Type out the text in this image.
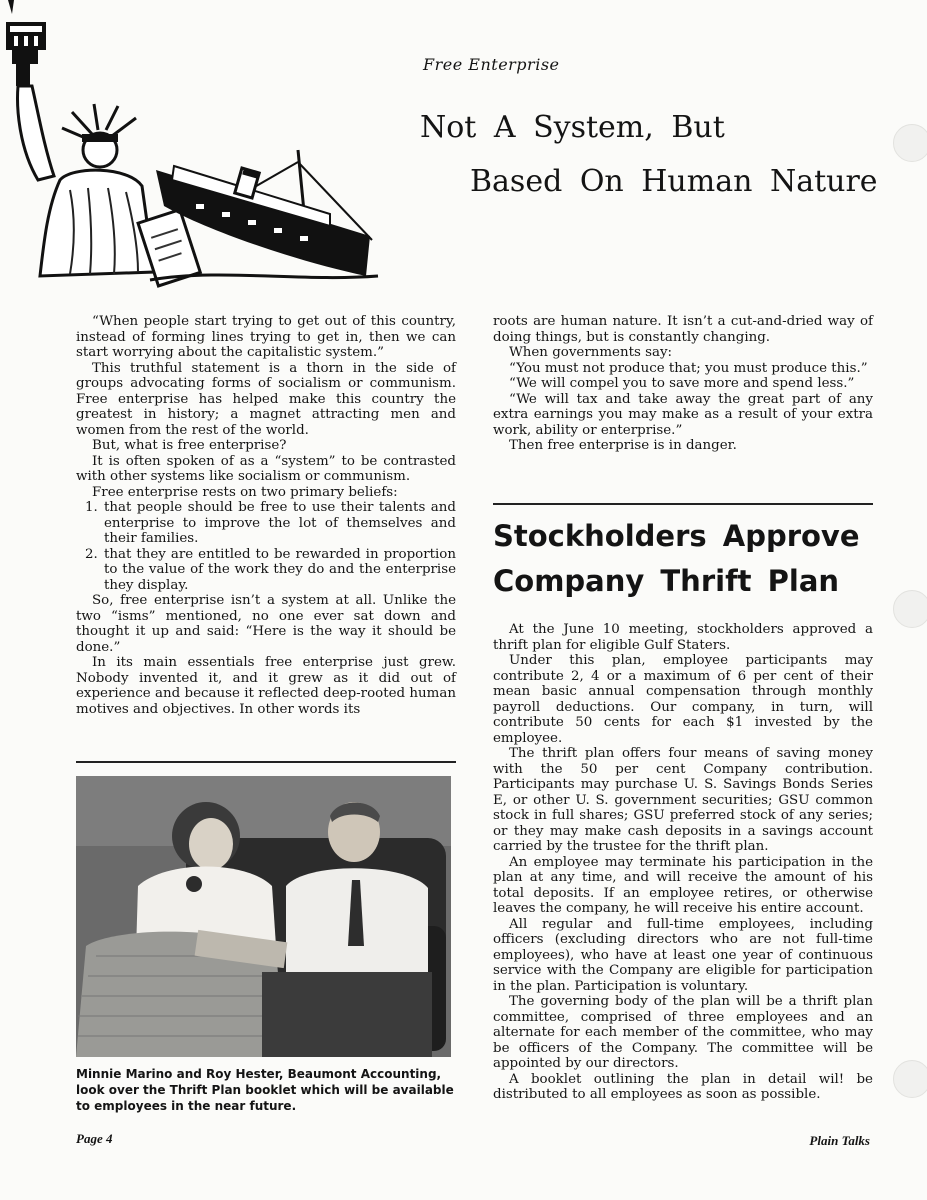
Free Enterprise
Not A System, But
Based On Human Nature

“When people start trying to get out of this country, instead of forming lines trying to get in, then we can start worrying about the capitalistic system.”

This truthful statement is a thorn in the side of groups advocating forms of socialism or communism. Free enterprise has helped make this country the greatest in history; a magnet attracting men and women from the rest of the world.

But, what is free enterprise?

It is often spoken of as a “system” to be contrasted with other systems like socialism or communism.

Free enterprise rests on two primary beliefs:

1. that people should be free to use their talents and enterprise to improve the lot of themselves and their families.
2. that they are entitled to be rewarded in proportion to the value of the work they do and the enterprise they display.

So, free enterprise isn’t a system at all. Unlike the two “isms” mentioned, no one ever sat down and thought it up and said: “Here is the way it should be done.”

In its main essentials free enterprise just grew. Nobody invented it, and it grew as it did out of experience and because it reflected deep-rooted human motives and objectives. In other words its

roots are human nature. It isn’t a cut-and-dried way of doing things, but is constantly changing.

When governments say:

“You must not produce that; you must produce this.”

“We will compel you to save more and spend less.”

“We will tax and take away the great part of any extra earnings you may make as a result of your extra work, ability or enterprise.”

Then free enterprise is in danger.

Stockholders Approve Company Thrift Plan

At the June 10 meeting, stockholders approved a thrift plan for eligible Gulf Staters.

Under this plan, employee participants may contribute 2, 4 or a maximum of 6 per cent of their mean basic annual compensation through monthly payroll deductions. Our company, in turn, will contribute 50 cents for each $1 invested by the employee.

The thrift plan offers four means of saving money with the 50 per cent Company contribution. Participants may purchase U. S. Savings Bonds Series E, or other U. S. government securities; GSU common stock in full shares; GSU preferred stock of any series; or they may make cash deposits in a savings account carried by the trustee for the thrift plan.

An employee may terminate his participation in the plan at any time, and will receive the amount of his total deposits. If an employee retires, or otherwise leaves the company, he will receive his entire account.

All regular and full-time employees, including officers (excluding directors who are not full-time employees), who have at least one year of continuous service with the Company are eligible for participation in the plan. Participation is voluntary.

The governing body of the plan will be a thrift plan committee, comprised of three employees and an alternate for each member of the committee, who may be officers of the Company. The committee will be appointed by our directors.

A booklet outlining the plan in detail wil! be distributed to all employees as soon as possible.

Minnie Marino and Roy Hester, Beaumont Accounting, look over the Thrift Plan booklet which will be available to employees in the near future.
Page 4	Plain Talks
